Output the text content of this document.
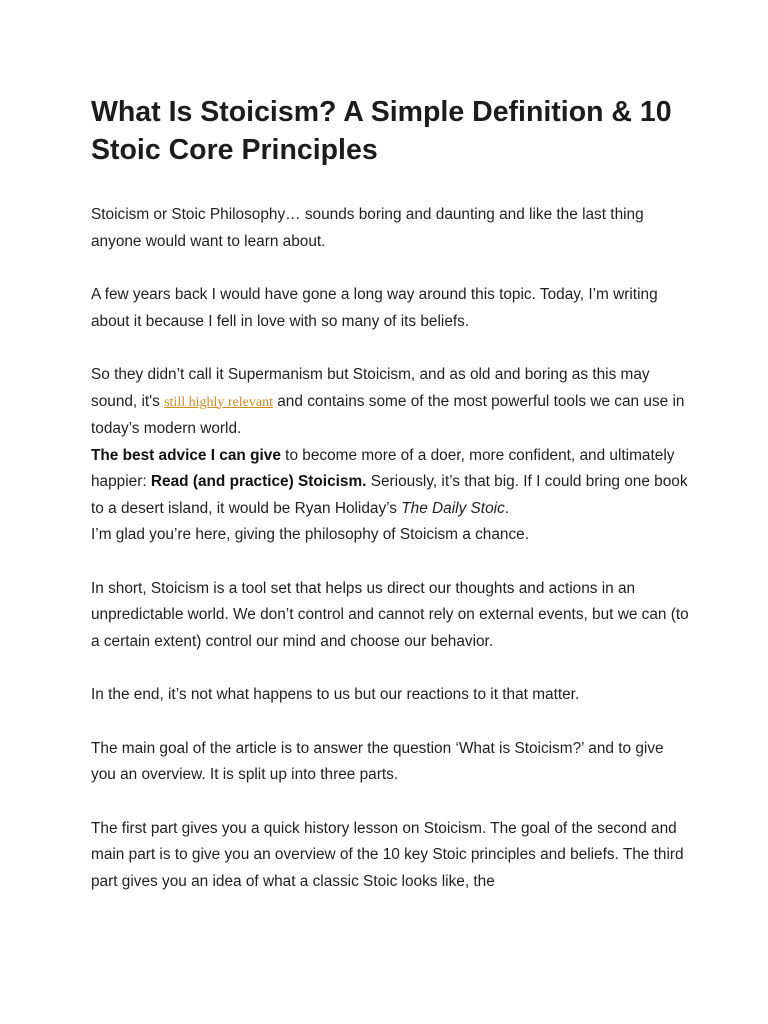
What Is Stoicism? A Simple Definition & 10 Stoic Core Principles

Stoicism or Stoic Philosophy… sounds boring and daunting and like the last thing anyone would want to learn about.

A few years back I would have gone a long way around this topic. Today, I’m writing about it because I fell in love with so many of its beliefs.

So they didn’t call it Supermanism but Stoicism, and as old and boring as this may sound, it's still highly relevant and contains some of the most powerful tools we can use in today’s modern world.

The best advice I can give to become more of a doer, more confident, and ultimately happier: Read (and practice) Stoicism. Seriously, it’s that big. If I could bring one book to a desert island, it would be Ryan Holiday’s The Daily Stoic.

I’m glad you’re here, giving the philosophy of Stoicism a chance.

In short, Stoicism is a tool set that helps us direct our thoughts and actions in an unpredictable world. We don’t control and cannot rely on external events, but we can (to a certain extent) control our mind and choose our behavior.

In the end, it’s not what happens to us but our reactions to it that matter.

The main goal of the article is to answer the question ‘What is Stoicism?’ and to give you an overview. It is split up into three parts.

The first part gives you a quick history lesson on Stoicism. The goal of the second and main part is to give you an overview of the 10 key Stoic principles and beliefs. The third part gives you an idea of what a classic Stoic looks like, the
